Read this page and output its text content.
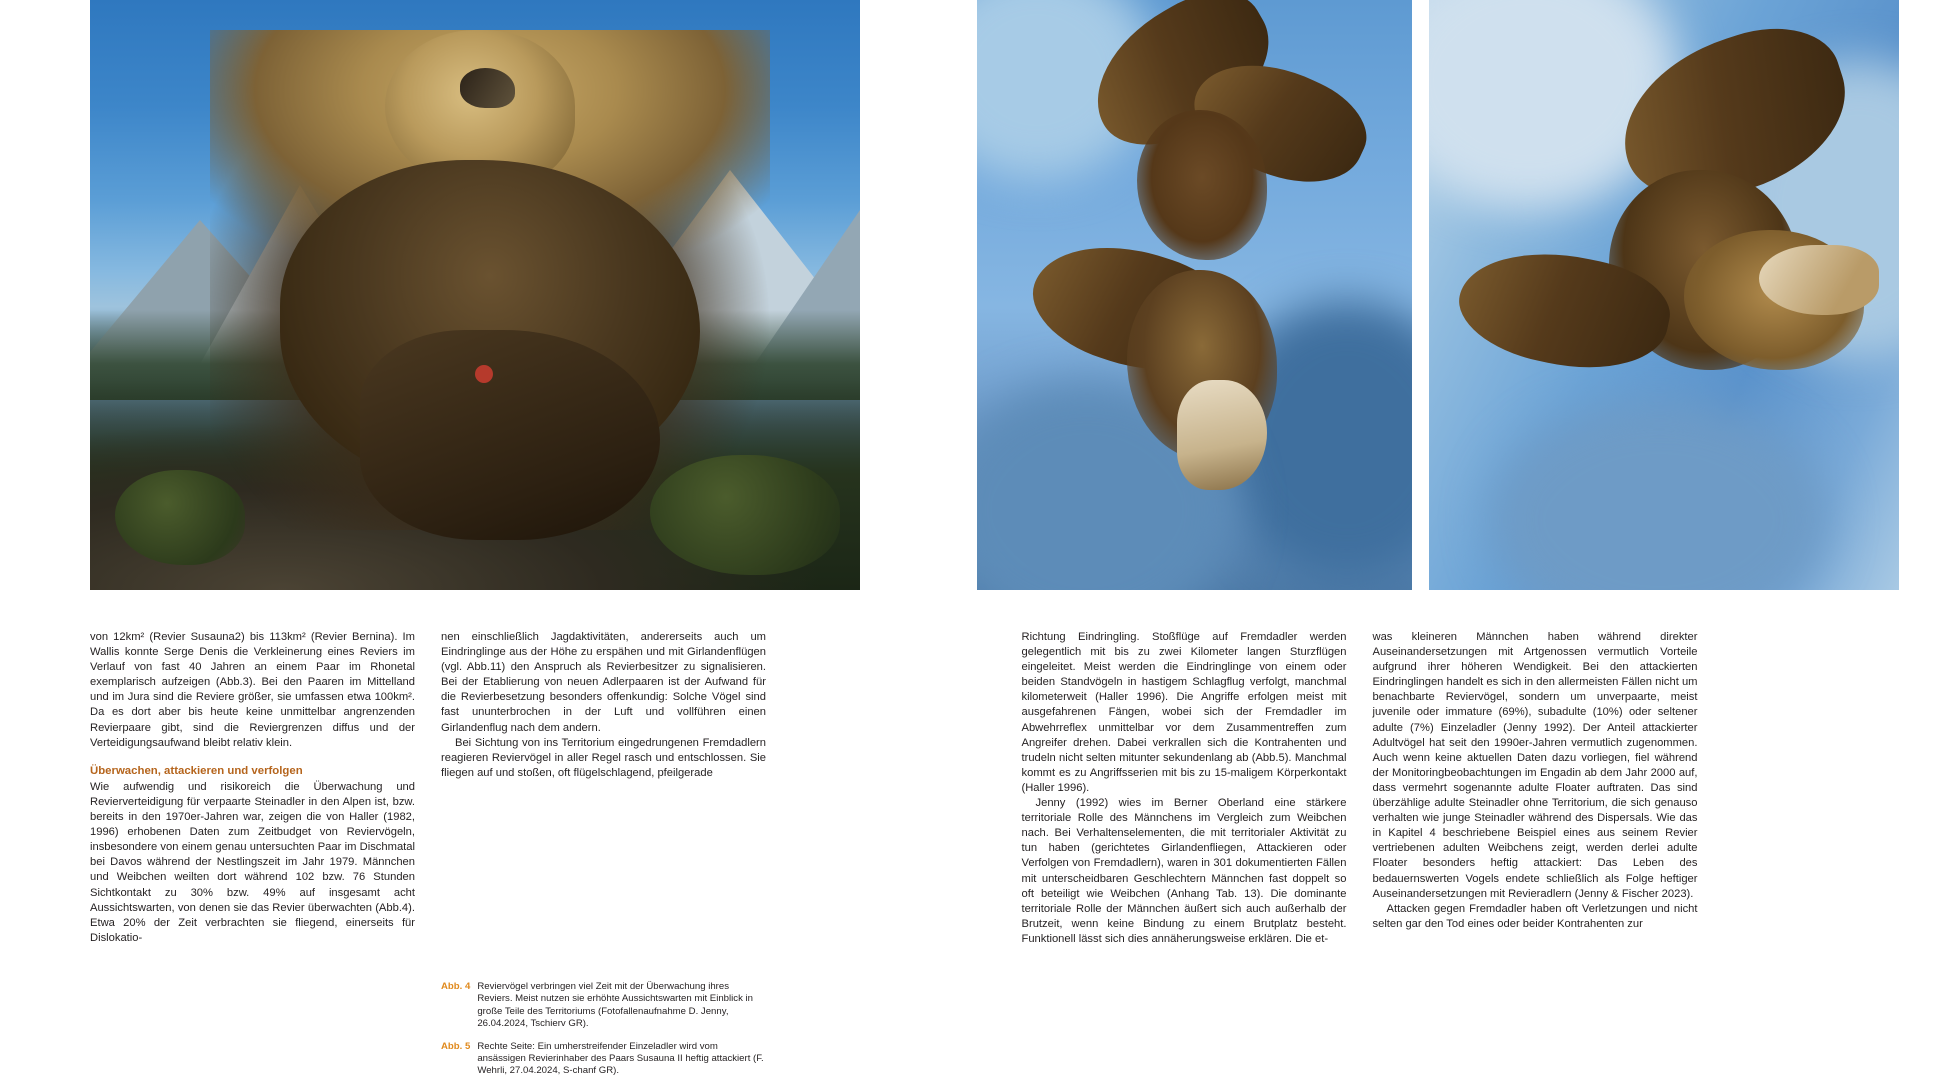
von 12km² (Revier Susauna2) bis 113km² (Revier Bernina). Im Wallis konnte Serge Denis die Verkleinerung eines Reviers im Verlauf von fast 40 Jahren an einem Paar im Rhonetal exemplarisch aufzeigen (Abb.3). Bei den Paaren im Mittelland und im Jura sind die Reviere größer, sie umfassen etwa 100km². Da es dort aber bis heute keine unmittelbar angrenzenden Revierpaare gibt, sind die Reviergrenzen diffus und der Verteidigungsaufwand bleibt relativ klein.

Überwachen, attackieren und verfolgen

Wie aufwendig und risikoreich die Überwachung und Revierverteidigung für verpaarte Steinadler in den Alpen ist, bzw. bereits in den 1970er-Jahren war, zeigen die von Haller (1982, 1996) erhobenen Daten zum Zeitbudget von Reviervögeln, insbesondere von einem genau untersuchten Paar im Dischmatal bei Davos während der Nestlingszeit im Jahr 1979. Männchen und Weibchen weilten dort während 102 bzw. 76 Stunden Sichtkontakt zu 30% bzw. 49% auf insgesamt acht Aussichtswarten, von denen sie das Revier überwachten (Abb.4). Etwa 20% der Zeit verbrachten sie fliegend, einerseits für Dislokatio-

nen einschließlich Jagdaktivitäten, andererseits auch um Eindringlinge aus der Höhe zu erspähen und mit Girlandenflügen (vgl. Abb.11) den Anspruch als Revierbesitzer zu signalisieren. Bei der Etablierung von neuen Adlerpaaren ist der Aufwand für die Revierbesetzung besonders offenkundig: Solche Vögel sind fast ununterbrochen in der Luft und vollführen einen Girlandenflug nach dem andern.

Bei Sichtung von ins Territorium eingedrungenen Fremdadlern reagieren Reviervögel in aller Regel rasch und entschlossen. Sie fliegen auf und stoßen, oft flügelschlagend, pfeilgerade

Abb. 4 Reviervögel verbringen viel Zeit mit der Überwachung ihres Reviers. Meist nutzen sie erhöhte Aussichtswarten mit Einblick in große Teile des Territoriums (Fotofallenaufnahme D. Jenny, 26.04.2024, Tschierv GR).
Abb. 5 Rechte Seite: Ein umherstreifender Einzeladler wird vom ansässigen Revierinhaber des Paars Susauna II heftig attackiert (F. Wehrli, 27.04.2024, S-chanf GR).

Richtung Eindringling. Stoßflüge auf Fremdadler werden gelegentlich mit bis zu zwei Kilometer langen Sturzflügen eingeleitet. Meist werden die Eindringlinge von einem oder beiden Standvögeln in hastigem Schlagflug verfolgt, manchmal kilometerweit (Haller 1996). Die Angriffe erfolgen meist mit ausgefahrenen Fängen, wobei sich der Fremdadler im Abwehrreflex unmittelbar vor dem Zusammentreffen zum Angreifer drehen. Dabei verkrallen sich die Kontrahenten und trudeln nicht selten mitunter sekundenlang ab (Abb.5). Manchmal kommt es zu Angriffsserien mit bis zu 15-maligem Körperkontakt (Haller 1996).

Jenny (1992) wies im Berner Oberland eine stärkere territoriale Rolle des Männchens im Vergleich zum Weibchen nach. Bei Verhaltenselementen, die mit territorialer Aktivität zu tun haben (gerichtetes Girlandenfliegen, Attackieren oder Verfolgen von Fremdadlern), waren in 301 dokumentierten Fällen mit unterscheidbaren Geschlechtern Männchen fast doppelt so oft beteiligt wie Weibchen (Anhang Tab. 13). Die dominante territoriale Rolle der Männchen äußert sich auch außerhalb der Brutzeit, wenn keine Bindung zu einem Brutplatz besteht. Funktionell lässt sich dies annäherungsweise erklären. Die et-

was kleineren Männchen haben während direkter Auseinandersetzungen mit Artgenossen vermutlich Vorteile aufgrund ihrer höheren Wendigkeit. Bei den attackierten Eindringlingen handelt es sich in den allermeisten Fällen nicht um benachbarte Reviervögel, sondern um unverpaarte, meist juvenile oder immature (69%), subadulte (10%) oder seltener adulte (7%) Einzeladler (Jenny 1992). Der Anteil attackierter Adultvögel hat seit den 1990er-Jahren vermutlich zugenommen. Auch wenn keine aktuellen Daten dazu vorliegen, fiel während der Monitoringbeobachtungen im Engadin ab dem Jahr 2000 auf, dass vermehrt sogenannte adulte Floater auftraten. Das sind überzählige adulte Steinadler ohne Territorium, die sich genauso verhalten wie junge Steinadler während des Dispersals. Wie das in Kapitel 4 beschriebene Beispiel eines aus seinem Revier vertriebenen adulten Weibchens zeigt, werden derlei adulte Floater besonders heftig attackiert: Das Leben des bedauernswerten Vogels endete schließlich als Folge heftiger Auseinandersetzungen mit Revieradlern (Jenny & Fischer 2023).

Attacken gegen Fremdadler haben oft Verletzungen und nicht selten gar den Tod eines oder beider Kontrahenten zur
